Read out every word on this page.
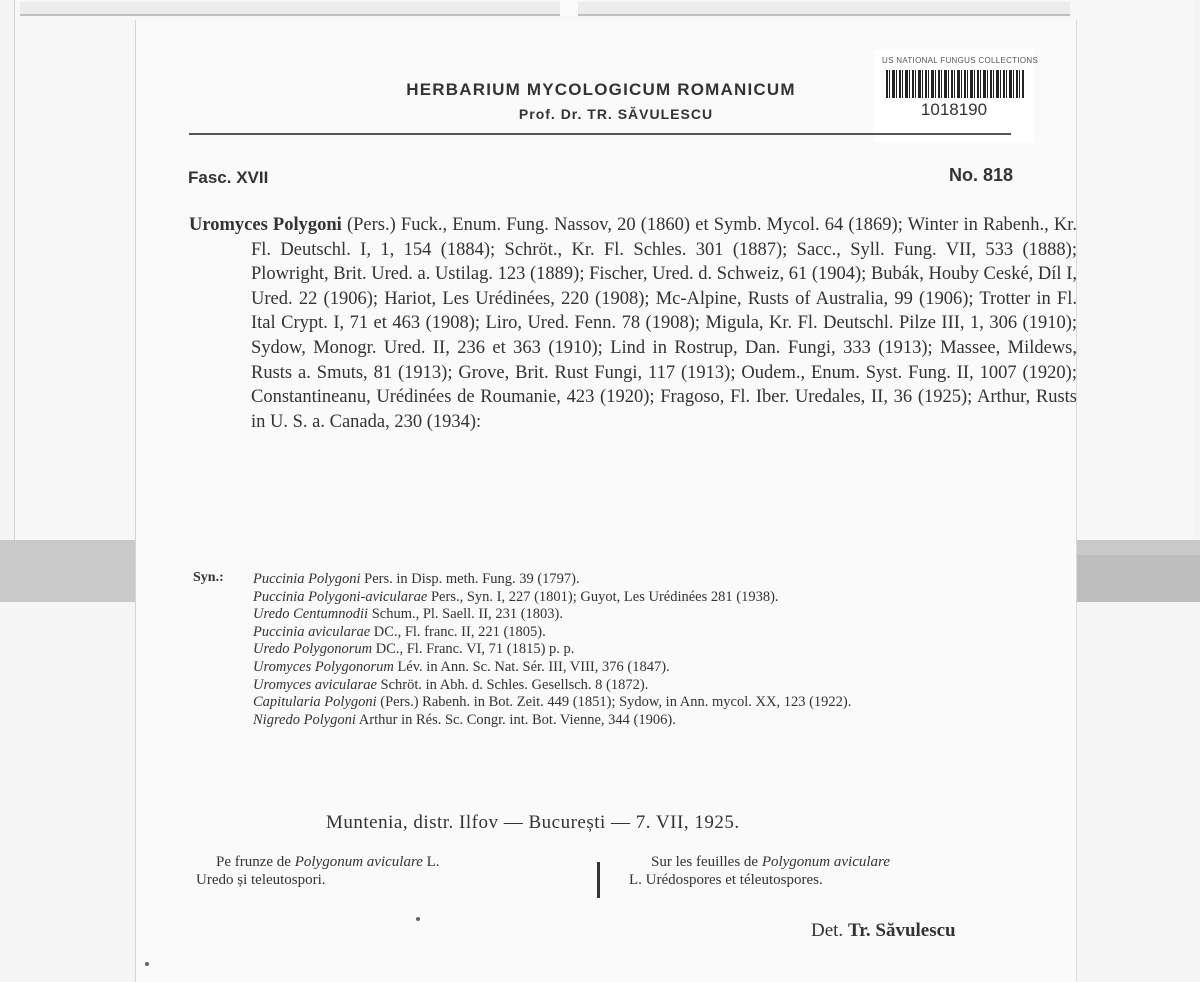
HERBARIUM MYCOLOGICUM ROMANICUM
Prof. Dr. TR. SĂVULESCU
US NATIONAL FUNGUS COLLECTIONS
1018190
Fasc. XVII	No. 818
Uromyces Polygoni (Pers.) Fuck., Enum. Fung. Nassov, 20 (1860) et Symb. Mycol. 64 (1869); Winter in Rabenh., Kr. Fl. Deutschl. I, 1, 154 (1884); Schröt., Kr. Fl. Schles. 301 (1887); Sacc., Syll. Fung. VII, 533 (1888); Plowright, Brit. Ured. a. Ustilag. 123 (1889); Fischer, Ured. d. Schweiz, 61 (1904); Bubák, Houby Ceské, Díl I, Ured. 22 (1906); Hariot, Les Urédinées, 220 (1908); Mc-Alpine, Rusts of Australia, 99 (1906); Trotter in Fl. Ital Crypt. I, 71 et 463 (1908); Liro, Ured. Fenn. 78 (1908); Migula, Kr. Fl. Deutschl. Pilze III, 1, 306 (1910); Sydow, Monogr. Ured. II, 236 et 363 (1910); Lind in Rostrup, Dan. Fungi, 333 (1913); Massee, Mildews, Rusts a. Smuts, 81 (1913); Grove, Brit. Rust Fungi, 117 (1913); Oudem., Enum. Syst. Fung. II, 1007 (1920); Constantineanu, Urédinées de Roumanie, 423 (1920); Fragoso, Fl. Iber. Uredales, II, 36 (1925); Arthur, Rusts in U. S. a. Canada, 230 (1934):
Syn.: Puccinia Polygoni Pers. in Disp. meth. Fung. 39 (1797).
Puccinia Polygoni-avicularae Pers., Syn. I, 227 (1801); Guyot, Les Urédinées 281 (1938).
Uredo Centumnodii Schum., Pl. Saell. II, 231 (1803).
Puccinia avicularae DC., Fl. franc. II, 221 (1805).
Uredo Polygonorum DC., Fl. Franc. VI, 71 (1815) p. p.
Uromyces Polygonorum Lév. in Ann. Sc. Nat. Sér. III, VIII, 376 (1847).
Uromyces avicularae Schröt. in Abh. d. Schles. Gesellsch. 8 (1872).
Capitularia Polygoni (Pers.) Rabenh. in Bot. Zeit. 449 (1851); Sydow, in Ann. mycol. XX, 123 (1922).
Nigredo Polygoni Arthur in Rés. Sc. Congr. int. Bot. Vienne, 344 (1906).
Muntenia, distr. Ilfov — București — 7. VII, 1925.
Pe frunze de Polygonum aviculare L.
Uredo și teleutospori.
Sur les feuilles de Polygonum aviculare
L. Urédospores et téleutospores.
Det. Tr. Săvulescu
